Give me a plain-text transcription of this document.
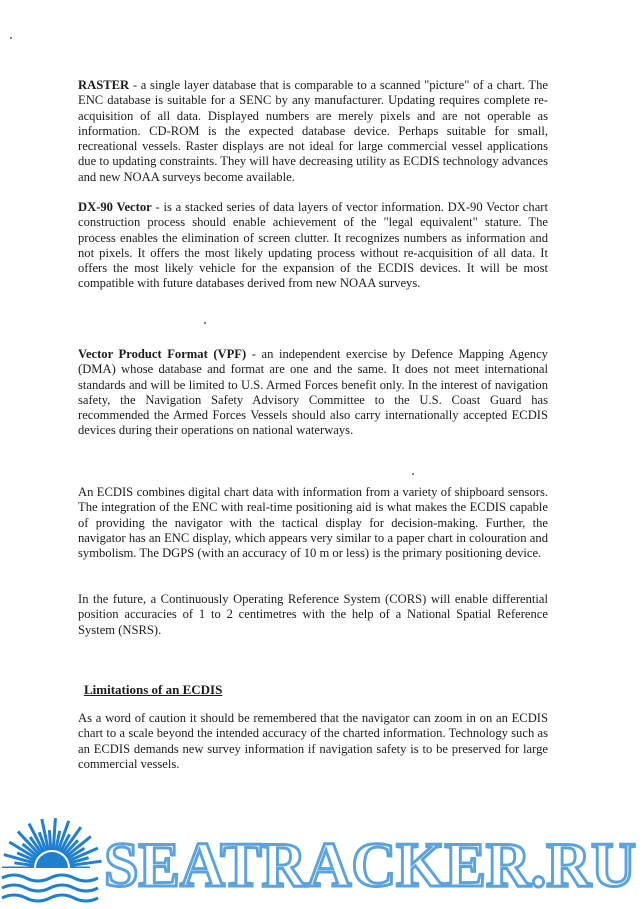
RASTER - a single layer database that is comparable to a scanned "picture" of a chart. The ENC database is suitable for a SENC by any manufacturer. Updating requires complete re-acquisition of all data. Displayed numbers are merely pixels and are not operable as information. CD-ROM is the expected database device. Perhaps suitable for small, recreational vessels. Raster displays are not ideal for large commercial vessel applications due to updating constraints. They will have decreasing utility as ECDIS technology advances and new NOAA surveys become available.

DX-90 Vector - is a stacked series of data layers of vector information. DX-90 Vector chart construction process should enable achievement of the "legal equivalent" stature. The process enables the elimination of screen clutter. It recognizes numbers as information and not pixels. It offers the most likely updating process without re-acquisition of all data. It offers the most likely vehicle for the expansion of the ECDIS devices. It will be most compatible with future databases derived from new NOAA surveys.

Vector Product Format (VPF) - an independent exercise by Defence Mapping Agency (DMA) whose database and format are one and the same. It does not meet international standards and will be limited to U.S. Armed Forces benefit only. In the interest of navigation safety, the Navigation Safety Advisory Committee to the U.S. Coast Guard has recommended the Armed Forces Vessels should also carry internationally accepted ECDIS devices during their operations on national waterways.

An ECDIS combines digital chart data with information from a variety of shipboard sensors. The integration of the ENC with real-time positioning aid is what makes the ECDIS capable of providing the navigator with the tactical display for decision-making. Further, the navigator has an ENC display, which appears very similar to a paper chart in colouration and symbolism. The DGPS (with an accuracy of 10 m or less) is the primary positioning device.

In the future, a Continuously Operating Reference System (CORS) will enable differential position accuracies of 1 to 2 centimetres with the help of a National Spatial Reference System (NSRS).

Limitations of an ECDIS

As a word of caution it should be remembered that the navigator can zoom in on an ECDIS chart to a scale beyond the intended accuracy of the charted information. Technology such as an ECDIS demands new survey information if navigation safety is to be preserved for large commercial vessels.

SEATRACKER.RU
